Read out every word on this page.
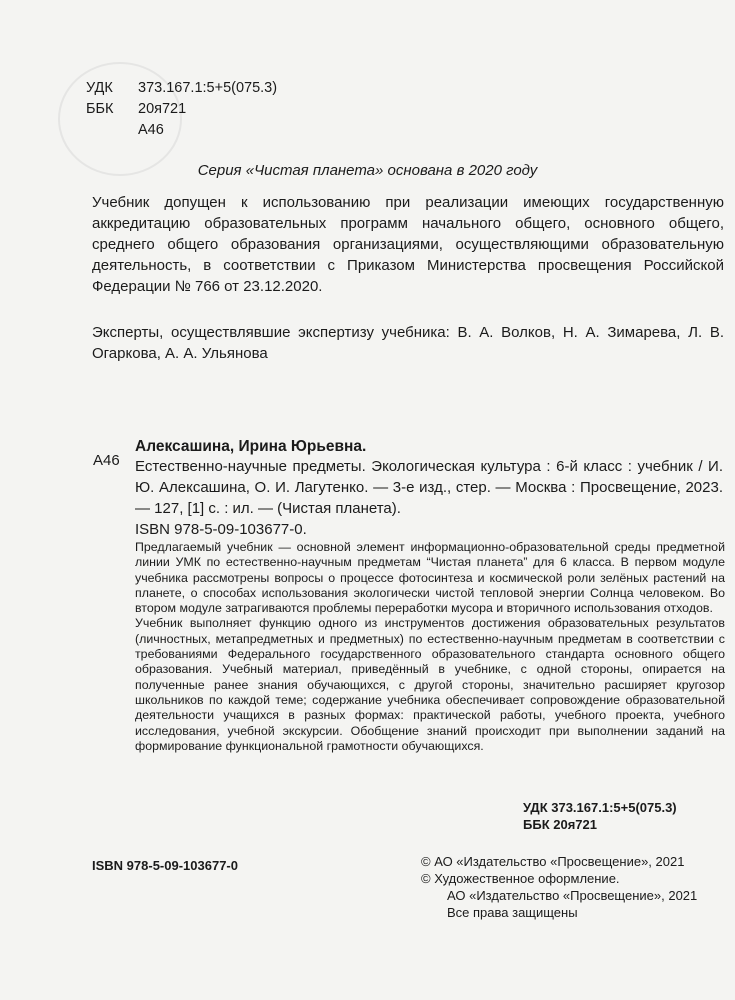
УДК 373.167.1:5+5(075.3)
ББК 20я721
А46
Серия «Чистая планета» основана в 2020 году
Учебник допущен к использованию при реализации имеющих государственную аккредитацию образовательных программ начального общего, основного общего, среднего общего образования организациями, осуществляющими образовательную деятельность, в соответствии с Приказом Министерства просвещения Российской Федерации № 766 от 23.12.2020.
Эксперты, осуществлявшие экспертизу учебника: В. А. Волков, Н. А. Зимарева, Л. В. Огаркова, А. А. Ульянова
Алексашина, Ирина Юрьевна.
А46 Естественно-научные предметы. Экологическая культура : 6-й класс : учебник / И. Ю. Алексашина, О. И. Лагутенко. — 3-е изд., стер. — Москва : Просвещение, 2023. — 127, [1] с. : ил. — (Чистая планета).
ISBN 978-5-09-103677-0.

Предлагаемый учебник — основной элемент информационно-образовательной среды предметной линии УМК по естественно-научным предметам “Чистая планета” для 6 класса. В первом модуле учебника рассмотрены вопросы о процессе фотосинтеза и космической роли зелёных растений на планете, о способах использования экологически чистой тепловой энергии Солнца человеком. Во втором модуле затрагиваются проблемы переработки мусора и вторичного использования отходов.

Учебник выполняет функцию одного из инструментов достижения образовательных результатов (личностных, метапредметных и предметных) по естественно-научным предметам в соответствии с требованиями Федерального государственного образовательного стандарта основного общего образования. Учебный материал, приведённый в учебнике, с одной стороны, опирается на полученные ранее знания обучающихся, с другой стороны, значительно расширяет кругозор школьников по каждой теме; содержание учебника обеспечивает сопровождение образовательной деятельности учащихся в разных формах: практической работы, учебного проекта, учебного исследования, учебной экскурсии. Обобщение знаний происходит при выполнении заданий на формирование функциональной грамотности обучающихся.

УДК 373.167.1:5+5(075.3)
ББК 20я721
ISBN 978-5-09-103677-0	© АО «Издательство «Просвещение», 2021
© Художественное оформление.
АО «Издательство «Просвещение», 2021
Все права защищены
